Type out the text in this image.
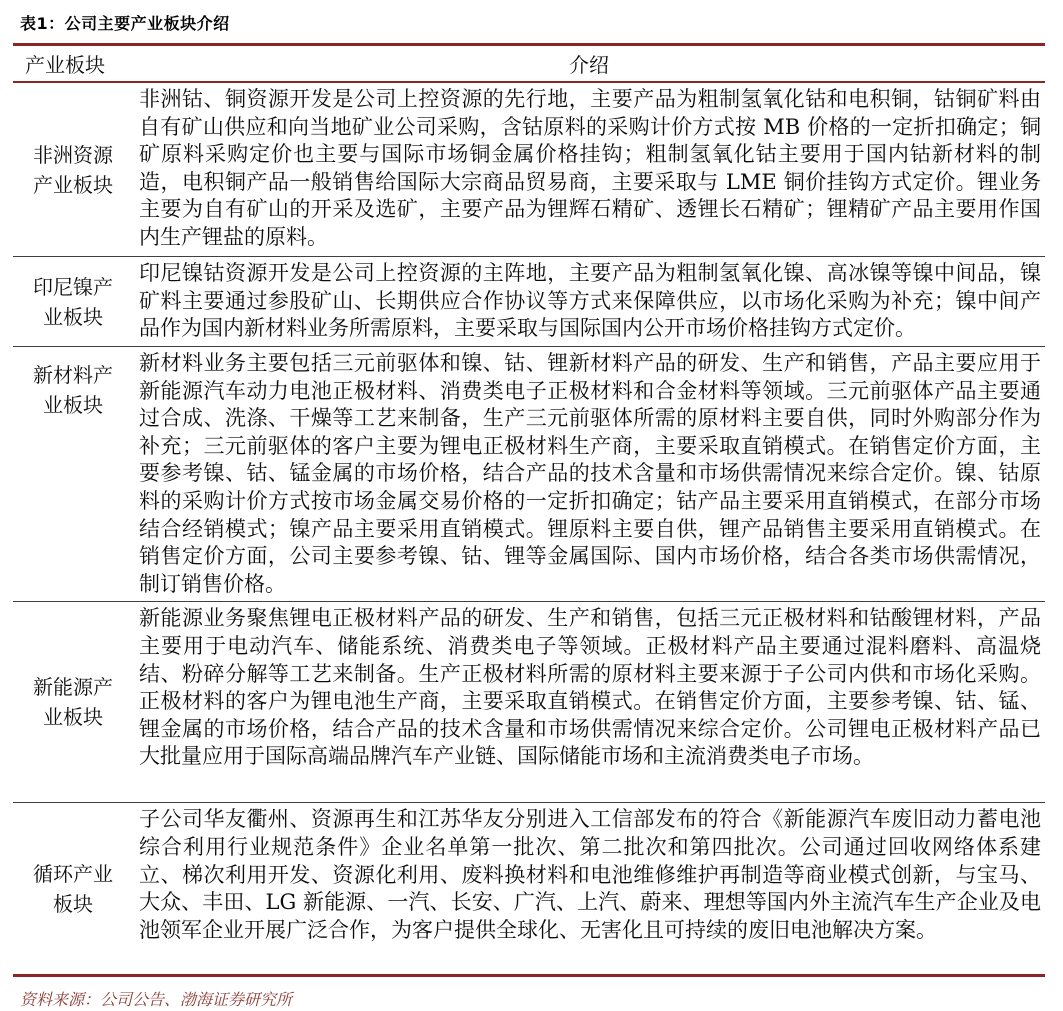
表1：公司主要产业板块介绍
产业板块	介绍
非洲资源产业板块
非洲钴、铜资源开发是公司上控资源的先行地，主要产品为粗制氢氧化钴和电积铜，钴铜矿料由自有矿山供应和向当地矿业公司采购，含钴原料的采购计价方式按 MB 价格的一定折扣确定；铜矿原料采购定价也主要与国际市场铜金属价格挂钩；粗制氢氧化钴主要用于国内钴新材料的制造，电积铜产品一般销售给国际大宗商品贸易商，主要采取与 LME 铜价挂钩方式定价。锂业务主要为自有矿山的开采及选矿，主要产品为锂辉石精矿、透锂长石精矿；锂精矿产品主要用作国内生产锂盐的原料。
印尼镍产业板块
印尼镍钴资源开发是公司上控资源的主阵地，主要产品为粗制氢氧化镍、高冰镍等镍中间品，镍矿料主要通过参股矿山、长期供应合作协议等方式来保障供应，以市场化采购为补充；镍中间产品作为国内新材料业务所需原料，主要采取与国际国内公开市场价格挂钩方式定价。
新材料产业板块
新材料业务主要包括三元前驱体和镍、钴、锂新材料产品的研发、生产和销售，产品主要应用于新能源汽车动力电池正极材料、消费类电子正极材料和合金材料等领域。三元前驱体产品主要通过合成、洗涤、干燥等工艺来制备，生产三元前驱体所需的原材料主要自供，同时外购部分作为补充；三元前驱体的客户主要为锂电正极材料生产商，主要采取直销模式。在销售定价方面，主要参考镍、钴、锰金属的市场价格，结合产品的技术含量和市场供需情况来综合定价。镍、钴原料的采购计价方式按市场金属交易价格的一定折扣确定；钴产品主要采用直销模式，在部分市场结合经销模式；镍产品主要采用直销模式。锂原料主要自供，锂产品销售主要采用直销模式。在销售定价方面，公司主要参考镍、钴、锂等金属国际、国内市场价格，结合各类市场供需情况，制订销售价格。
新能源产业板块
新能源业务聚焦锂电正极材料产品的研发、生产和销售，包括三元正极材料和钴酸锂材料，产品主要用于电动汽车、储能系统、消费类电子等领域。正极材料产品主要通过混料磨料、高温烧结、粉碎分解等工艺来制备。生产正极材料所需的原材料主要来源于子公司内供和市场化采购。正极材料的客户为锂电池生产商，主要采取直销模式。在销售定价方面，主要参考镍、钴、锰、锂金属的市场价格，结合产品的技术含量和市场供需情况来综合定价。公司锂电正极材料产品已大批量应用于国际高端品牌汽车产业链、国际储能市场和主流消费类电子市场。
循环产业板块
子公司华友衢州、资源再生和江苏华友分别进入工信部发布的符合《新能源汽车废旧动力蓄电池综合利用行业规范条件》企业名单第一批次、第二批次和第四批次。公司通过回收网络体系建立、梯次利用开发、资源化利用、废料换材料和电池维修维护再制造等商业模式创新，与宝马、大众、丰田、LG 新能源、一汽、长安、广汽、上汽、蔚来、理想等国内外主流汽车生产企业及电池领军企业开展广泛合作，为客户提供全球化、无害化且可持续的废旧电池解决方案。
资料来源：公司公告、渤海证券研究所
